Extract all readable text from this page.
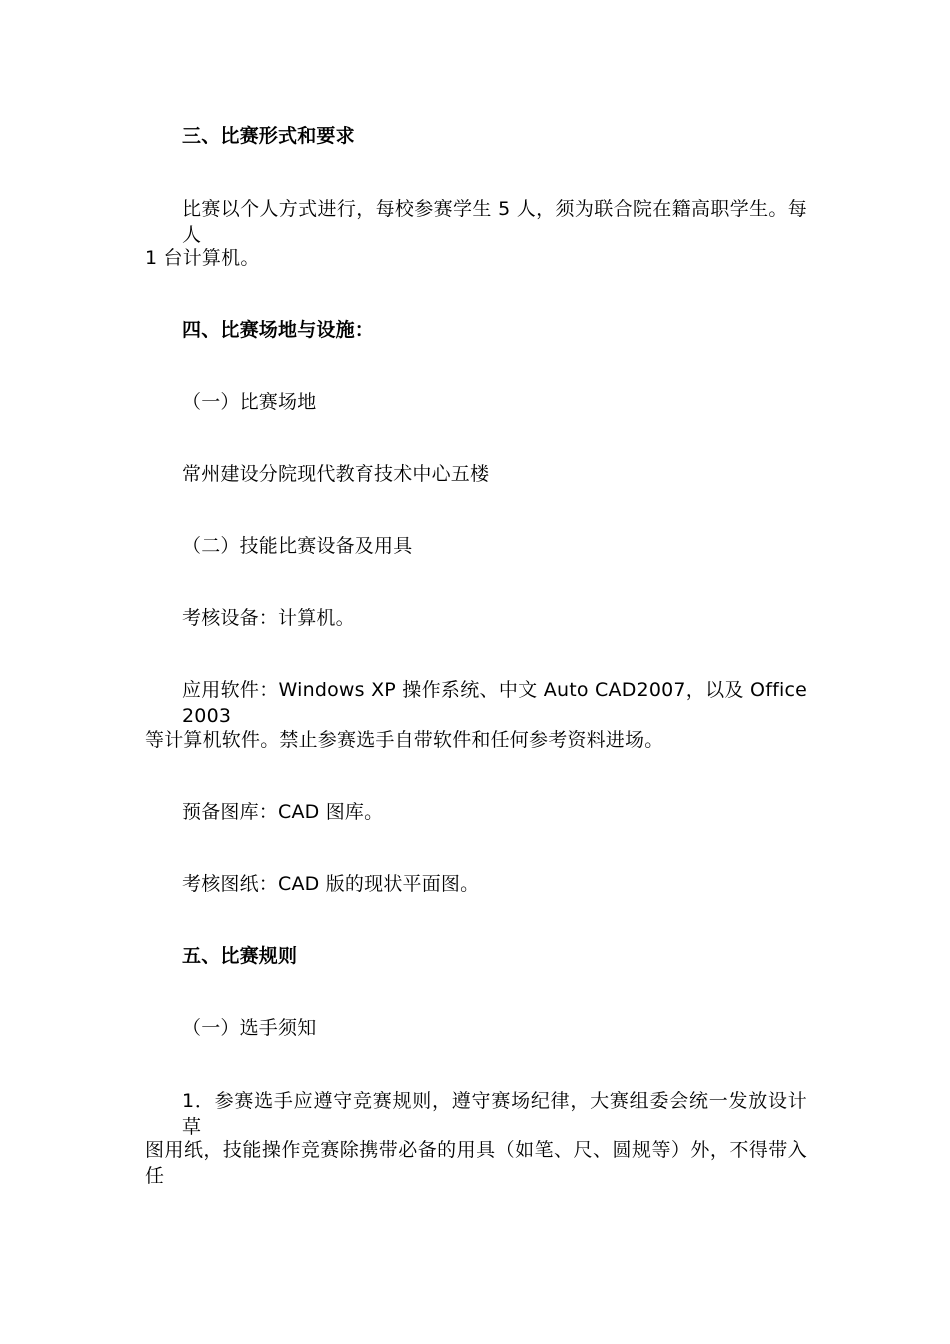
三、比赛形式和要求
比赛以个人方式进行，每校参赛学生 5 人，须为联合院在籍高职学生。每人
1 台计算机。
四、比赛场地与设施：
（一）比赛场地
常州建设分院现代教育技术中心五楼
（二）技能比赛设备及用具
考核设备：计算机。
应用软件：Windows XP 操作系统、中文 Auto CAD2007，以及 Office 2003
等计算机软件。禁止参赛选手自带软件和任何参考资料进场。
预备图库：CAD 图库。
考核图纸：CAD 版的现状平面图。
五、比赛规则
（一）选手须知
1．参赛选手应遵守竞赛规则，遵守赛场纪律，大赛组委会统一发放设计草
图用纸，技能操作竞赛除携带必备的用具（如笔、尺、圆规等）外，不得带入任
